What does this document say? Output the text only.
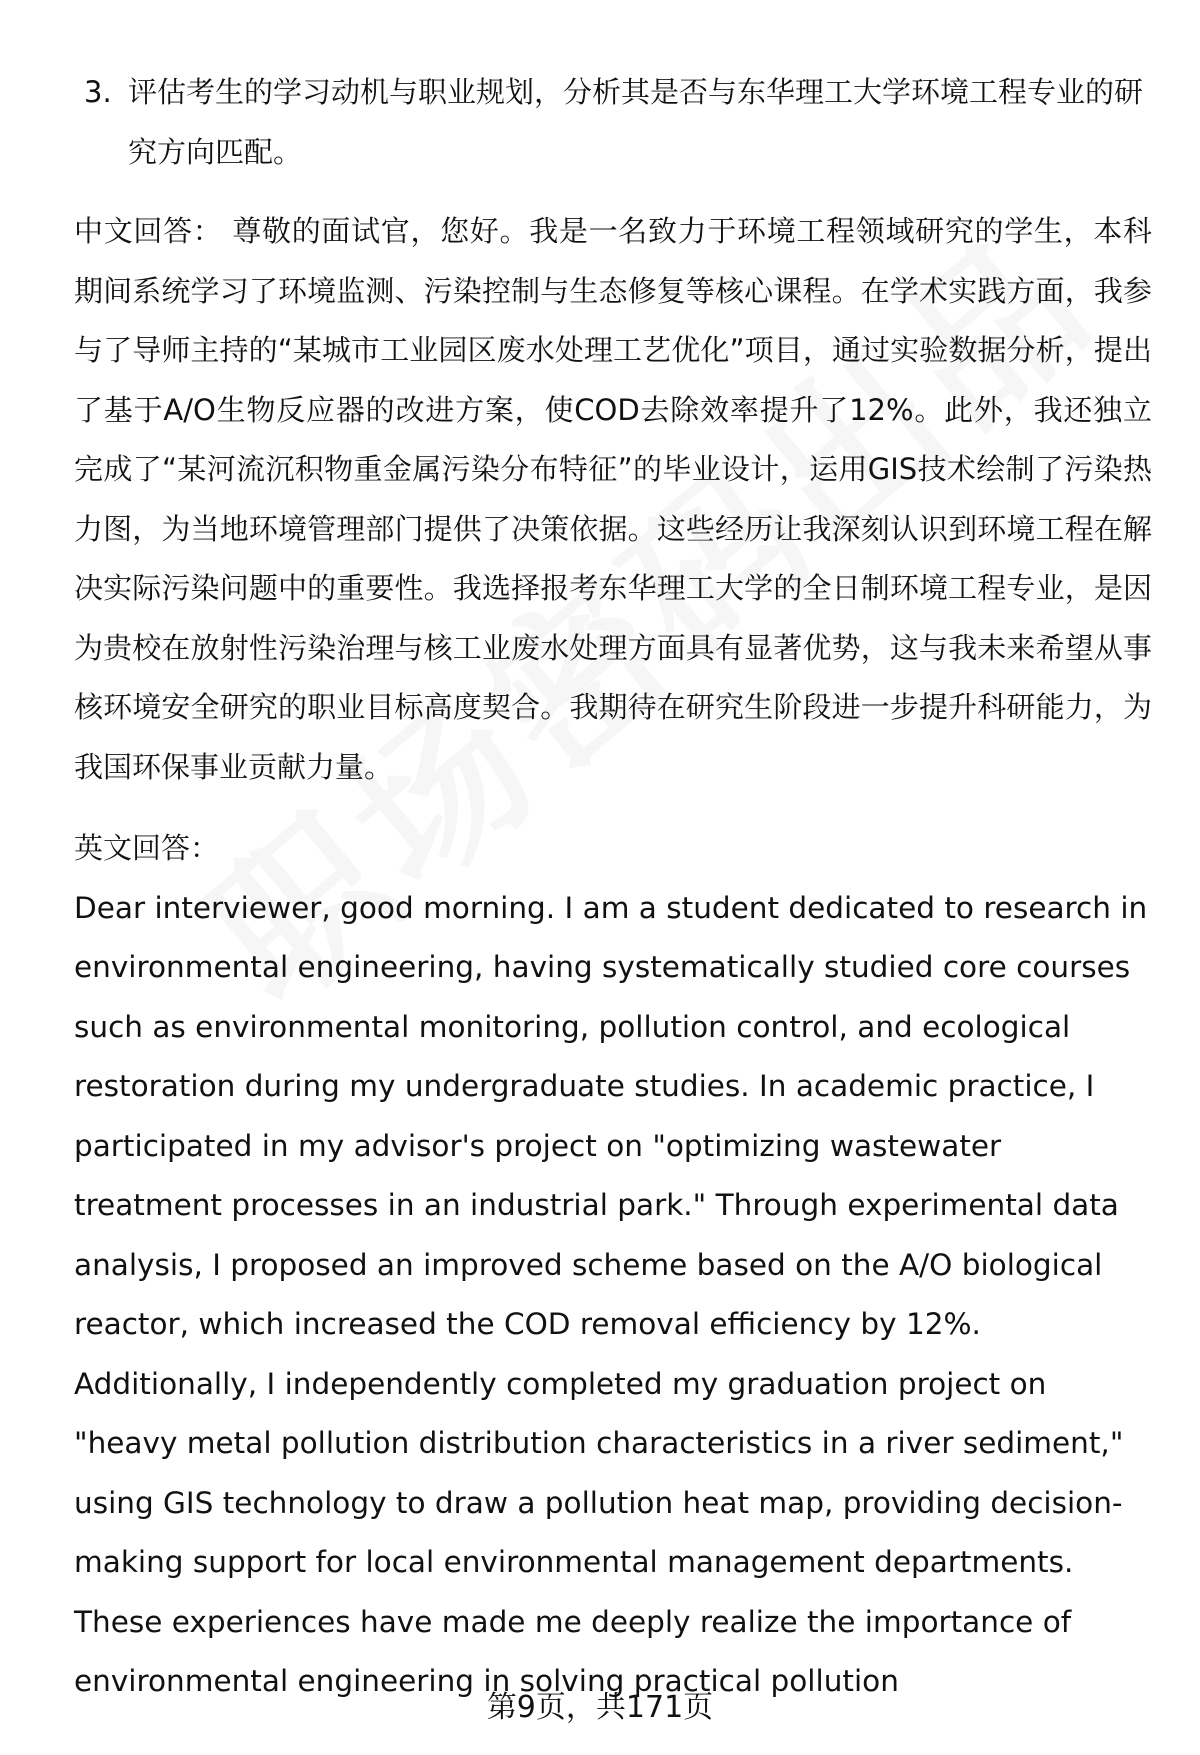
3. 评估考生的学习动机与职业规划，分析其是否与东华理工大学环境工程专业的研究方向匹配。
中文回答： 尊敬的面试官，您好。我是一名致力于环境工程领域研究的学生，本科期间系统学习了环境监测、污染控制与生态修复等核心课程。在学术实践方面，我参与了导师主持的“某城市工业园区废水处理工艺优化”项目，通过实验数据分析，提出了基于A/O生物反应器的改进方案，使COD去除效率提升了12%。此外，我还独立完成了“某河流沉积物重金属污染分布特征”的毕业设计，运用GIS技术绘制了污染热力图，为当地环境管理部门提供了决策依据。这些经历让我深刻认识到环境工程在解决实际污染问题中的重要性。我选择报考东华理工大学的全日制环境工程专业，是因为贵校在放射性污染治理与核工业废水处理方面具有显著优势，这与我未来希望从事核环境安全研究的职业目标高度契合。我期待在研究生阶段进一步提升科研能力，为我国环保事业贡献力量。
英文回答：
Dear interviewer, good morning. I am a student dedicated to research in environmental engineering, having systematically studied core courses such as environmental monitoring, pollution control, and ecological restoration during my undergraduate studies. In academic practice, I participated in my advisor's project on "optimizing wastewater treatment processes in an industrial park." Through experimental data analysis, I proposed an improved scheme based on the A/O biological reactor, which increased the COD removal efficiency by 12%. Additionally, I independently completed my graduation project on "heavy metal pollution distribution characteristics in a river sediment," using GIS technology to draw a pollution heat map, providing decision-making support for local environmental management departments. These experiences have made me deeply realize the importance of environmental engineering in solving practical pollution
第9页，共171页
